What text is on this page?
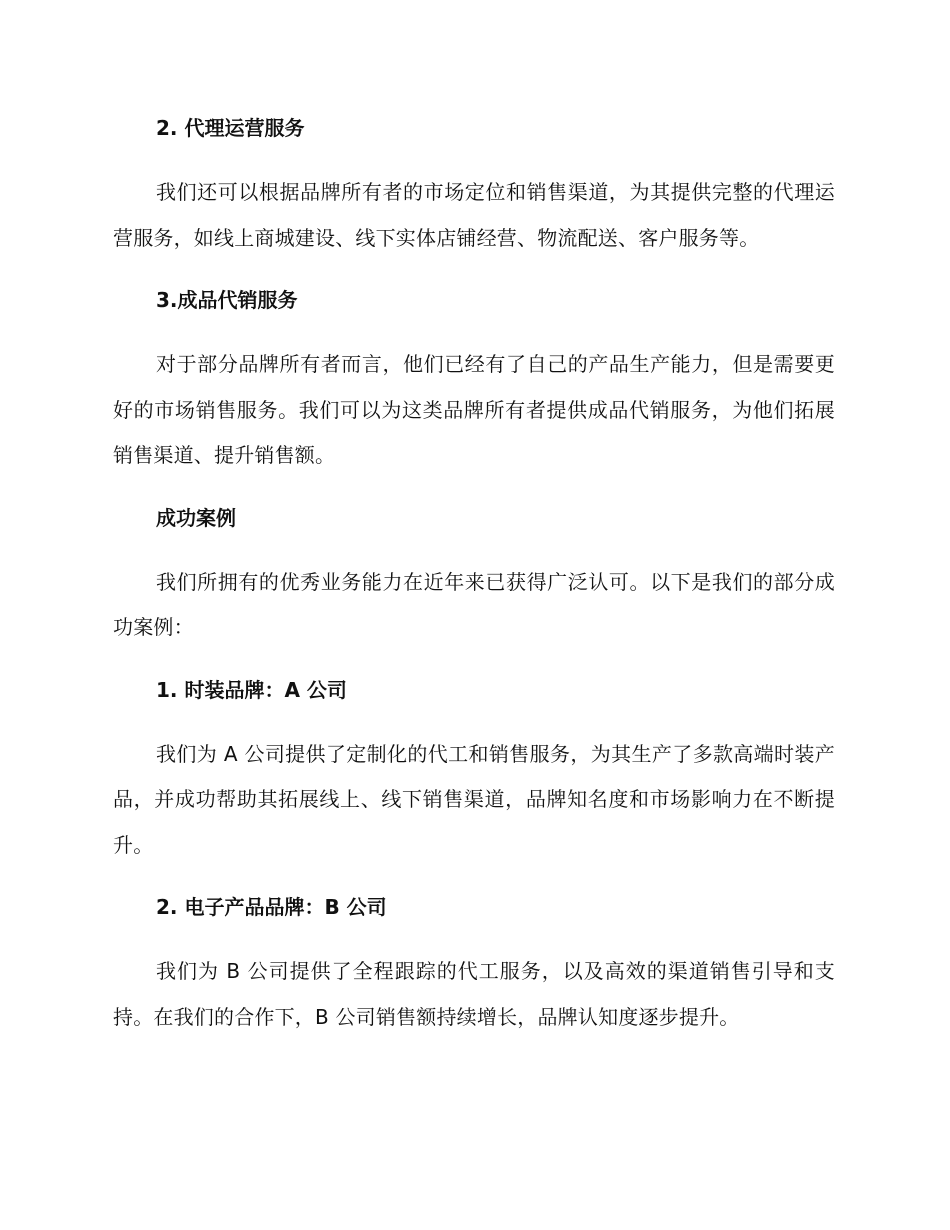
2. 代理运营服务

我们还可以根据品牌所有者的市场定位和销售渠道，为其提供完整的代理运营服务，如线上商城建设、线下实体店铺经营、物流配送、客户服务等。

3.成品代销服务

对于部分品牌所有者而言，他们已经有了自己的产品生产能力，但是需要更好的市场销售服务。我们可以为这类品牌所有者提供成品代销服务，为他们拓展销售渠道、提升销售额。

成功案例

我们所拥有的优秀业务能力在近年来已获得广泛认可。以下是我们的部分成功案例：

1. 时装品牌：A 公司

我们为 A 公司提供了定制化的代工和销售服务，为其生产了多款高端时装产品，并成功帮助其拓展线上、线下销售渠道，品牌知名度和市场影响力在不断提升。

2. 电子产品品牌：B 公司

我们为 B 公司提供了全程跟踪的代工服务，以及高效的渠道销售引导和支持。在我们的合作下，B 公司销售额持续增长，品牌认知度逐步提升。
